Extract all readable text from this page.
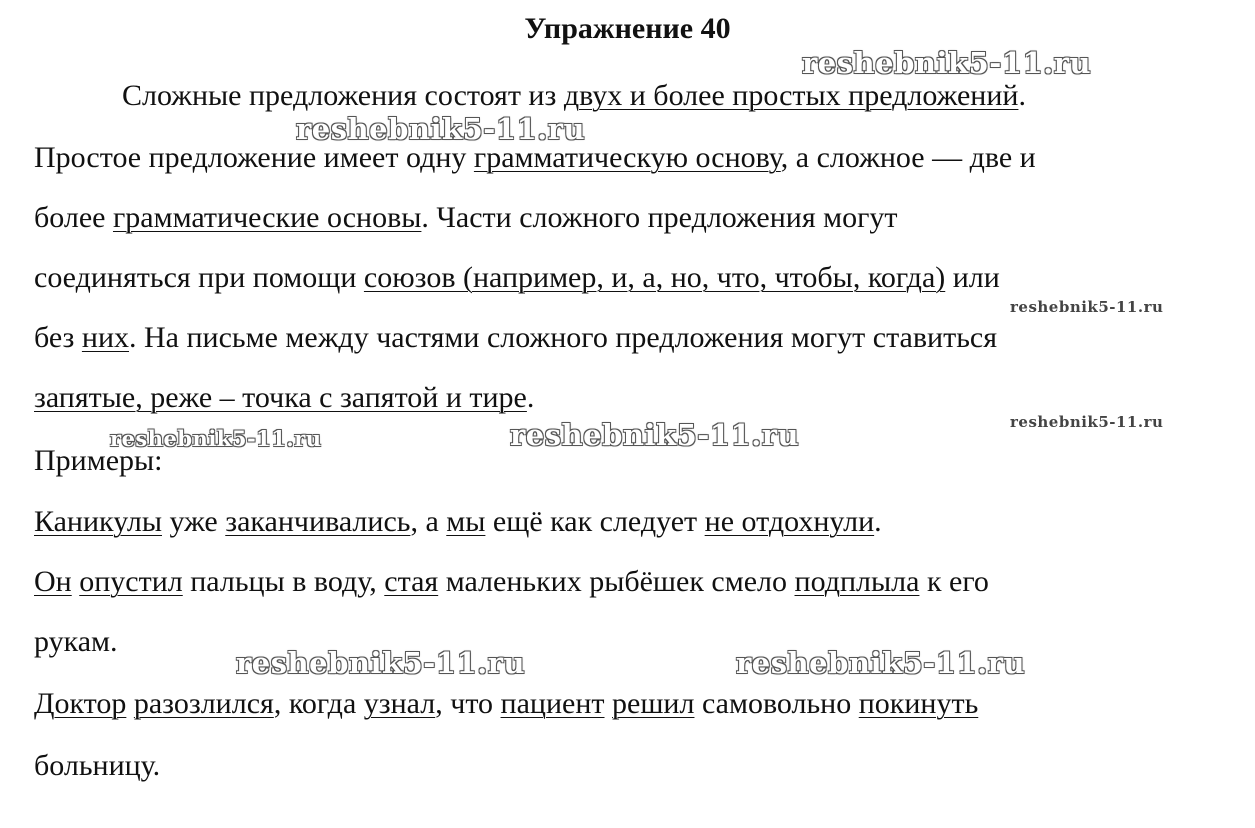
Упражнение 40
Сложные предложения состоят из двух и более простых предложений.
Простое предложение имеет одну грамматическую основу, а сложное — две и
более грамматические основы. Части сложного предложения могут
соединяться при помощи союзов (например, и, а, но, что, чтобы, когда) или
без них. На письме между частями сложного предложения могут ставиться
запятые, реже – точка с запятой и тире.
Примеры:
Каникулы уже заканчивались, а мы ещё как следует не отдохнули.
Он опустил пальцы в воду, стая маленьких рыбёшек смело подплыла к его
рукам.
Доктор разозлился, когда узнал, что пациент решил самовольно покинуть
больницу.
reshebnik5-11.ru
reshebnik5-11.ru
reshebnik5-11.ru
reshebnik5-11.ru
reshebnik5-11.ru	reshebnik5-11.ru
reshebnik5-11.ru	reshebnik5-11.ru
